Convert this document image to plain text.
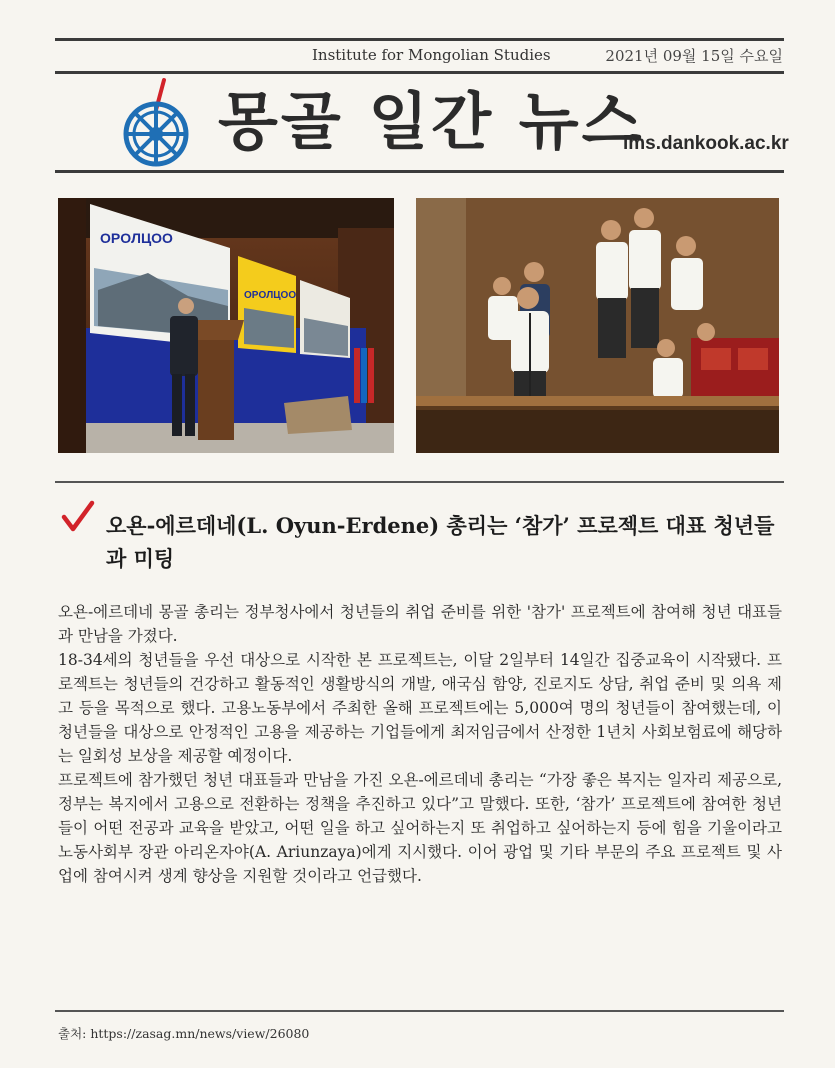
Institute for Mongolian Studies	2021년 09월 15일 수요일
몽골 일간 뉴스
ims.dankook.ac.kr
OPOЛЦOO
OPOЛЦOO
오욘-에르데네(L. Oyun-Erdene) 총리는 ‘참가’ 프로젝트 대표 청년들과 미팅

오욘-에르데네 몽골 총리는 정부청사에서 청년들의 취업 준비를 위한 '참가' 프로젝트에 참여해 청년 대표들과 만남을 가졌다.

18-34세의 청년들을 우선 대상으로 시작한 본 프로젝트는, 이달 2일부터 14일간 집중교육이 시작됐다. 프로젝트는 청년들의 건강하고 활동적인 생활방식의 개발, 애국심 함양, 진로지도 상담, 취업 준비 및 의욕 제고 등을 목적으로 했다. 고용노동부에서 주최한 올해 프로젝트에는 5,000여 명의 청년들이 참여했는데, 이 청년들을 대상으로 안정적인 고용을 제공하는 기업들에게 최저임금에서 산정한 1년치 사회보험료에 해당하는 일회성 보상을 제공할 예정이다.

프로젝트에 참가했던 청년 대표들과 만남을 가진 오욘-에르데네 총리는 “가장 좋은 복지는 일자리 제공으로, 정부는 복지에서 고용으로 전환하는 정책을 추진하고 있다”고 말했다. 또한, ‘참가’ 프로젝트에 참여한 청년들이 어떤 전공과 교육을 받았고, 어떤 일을 하고 싶어하는지 또 취업하고 싶어하는지 등에 힘을 기울이라고 노동사회부 장관 아리온자야(A. Ariunzaya)에게 지시했다. 이어 광업 및 기타 부문의 주요 프로젝트 및 사업에 참여시켜 생계 향상을 지원할 것이라고 언급했다.

출처: https://zasag.mn/news/view/26080
